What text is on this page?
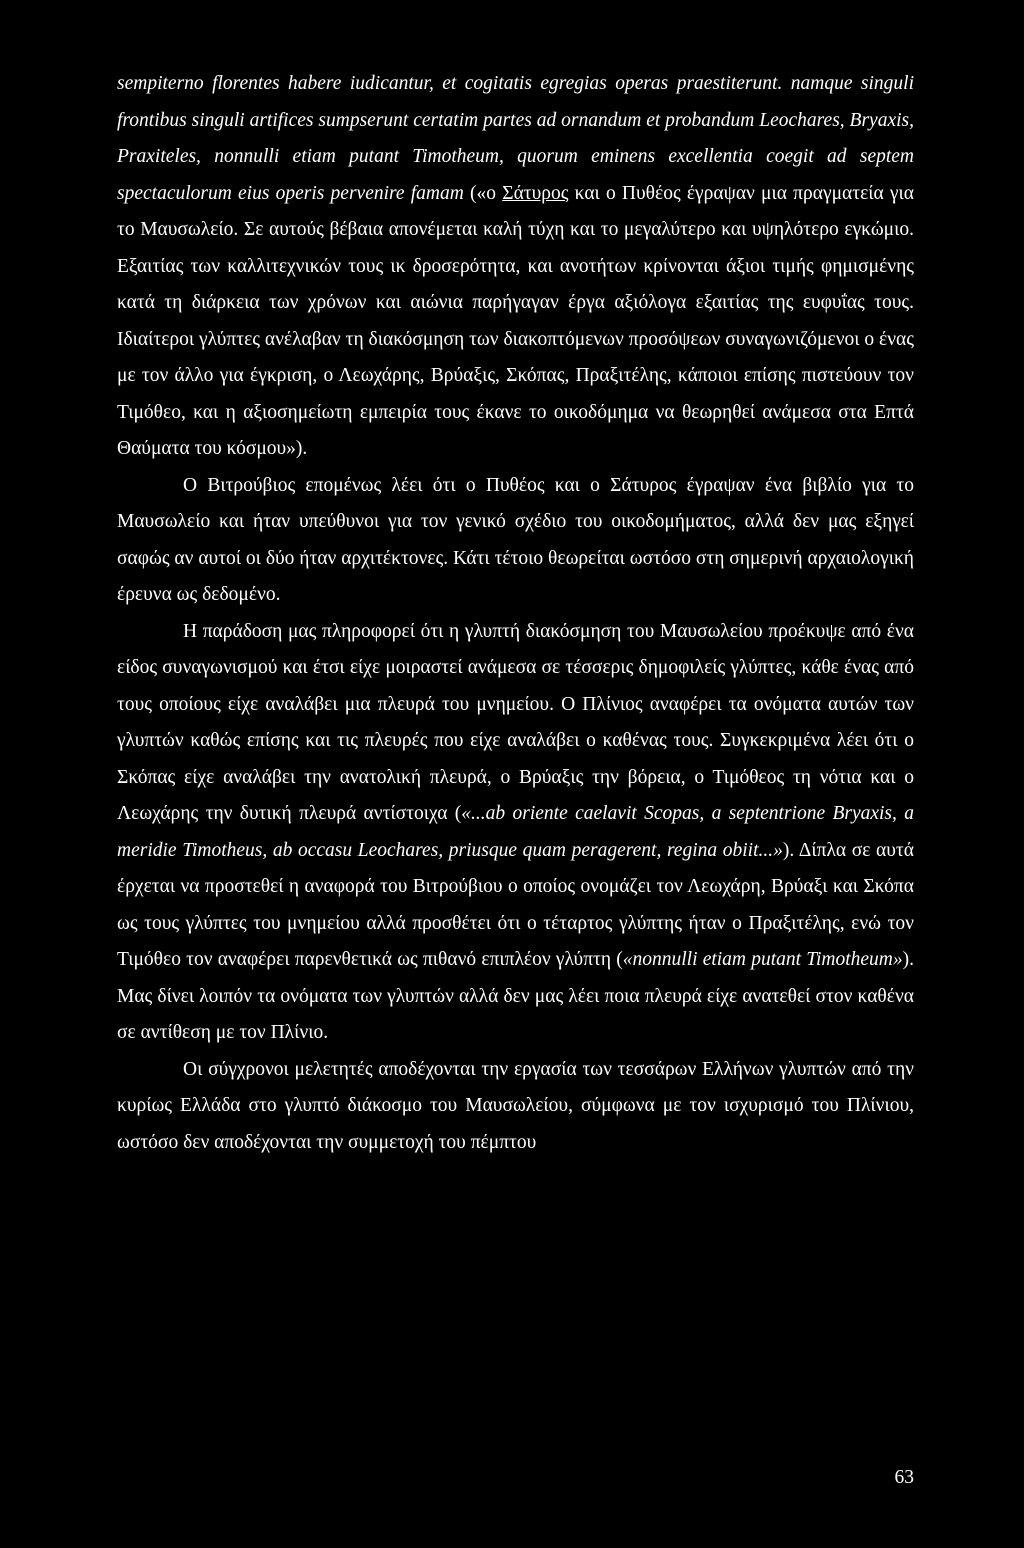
sempiterno florentes habere iudicantur, et cogitatis egregias operas praestiterunt. namque singuli frontibus singuli artifices sumpserunt certatim partes ad ornandum et probandum Leochares, Bryaxis, Praxiteles, nonnulli etiam putant Timotheum, quorum eminens excellentia coegit ad septem spectaculorum eius operis pervenire famam («ο Σάτυρος και ο Πυθέος έγραψαν μια πραγματεία για το Μαυσωλείο. Σε αυτούς βέβαια απονέμεται καλή τύχη και το μεγαλύτερο και υψηλότερο εγκώμιο. Εξαιτίας των καλλιτεχνικών τους ικ δροσερότητα, και ανοτήτων κρίνονται άξιοι τιμής φημισμένης κατά τη διάρκεια των χρόνων και αιώνια παρήγαγαν έργα αξιόλογα εξαιτίας της ευφυΐας τους. Ιδιαίτεροι γλύπτες ανέλαβαν τη διακόσμηση των διακοπτόμενων προσόψεων συναγωνιζόμενοι ο ένας με τον άλλο για έγκριση, ο Λεωχάρης, Βρύαξις, Σκόπας, Πραξιτέλης, κάποιοι επίσης πιστεύουν τον Τιμόθεο, και η αξιοσημείωτη εμπειρία τους έκανε το οικοδόμημα να θεωρηθεί ανάμεσα στα Επτά Θαύματα του κόσμου»).

Ο Βιτρούβιος επομένως λέει ότι ο Πυθέος και ο Σάτυρος έγραψαν ένα βιβλίο για το Μαυσωλείο και ήταν υπεύθυνοι για τον γενικό σχέδιο του οικοδομήματος, αλλά δεν μας εξηγεί σαφώς αν αυτοί οι δύο ήταν αρχιτέκτονες. Κάτι τέτοιο θεωρείται ωστόσο στη σημερινή αρχαιολογική έρευνα ως δεδομένο.

Η παράδοση μας πληροφορεί ότι η γλυπτή διακόσμηση του Μαυσωλείου προέκυψε από ένα είδος συναγωνισμού και έτσι είχε μοιραστεί ανάμεσα σε τέσσερις δημοφιλείς γλύπτες, κάθε ένας από τους οποίους είχε αναλάβει μια πλευρά του μνημείου. Ο Πλίνιος αναφέρει τα ονόματα αυτών των γλυπτών καθώς επίσης και τις πλευρές που είχε αναλάβει ο καθένας τους. Συγκεκριμένα λέει ότι ο Σκόπας είχε αναλάβει την ανατολική πλευρά, ο Βρύαξις την βόρεια, ο Τιμόθεος τη νότια και ο Λεωχάρης την δυτική πλευρά αντίστοιχα («...ab oriente caelavit Scopas, a septentrione Bryaxis, a meridie Timotheus, ab occasu Leochares, priusque quam peragerent, regina obiit...»). Δίπλα σε αυτά έρχεται να προστεθεί η αναφορά του Βιτρούβιου ο οποίος ονομάζει τον Λεωχάρη, Βρύαξι και Σκόπα ως τους γλύπτες του μνημείου αλλά προσθέτει ότι ο τέταρτος γλύπτης ήταν ο Πραξιτέλης, ενώ τον Τιμόθεο τον αναφέρει παρενθετικά ως πιθανό επιπλέον γλύπτη («nonnulli etiam putant Timotheum»). Μας δίνει λοιπόν τα ονόματα των γλυπτών αλλά δεν μας λέει ποια πλευρά είχε ανατεθεί στον καθένα σε αντίθεση με τον Πλίνιο.

Οι σύγχρονοι μελετητές αποδέχονται την εργασία των τεσσάρων Ελλήνων γλυπτών από την κυρίως Ελλάδα στο γλυπτό διάκοσμο του Μαυσωλείου, σύμφωνα με τον ισχυρισμό του Πλίνιου, ωστόσο δεν αποδέχονται την συμμετοχή του πέμπτου

63
